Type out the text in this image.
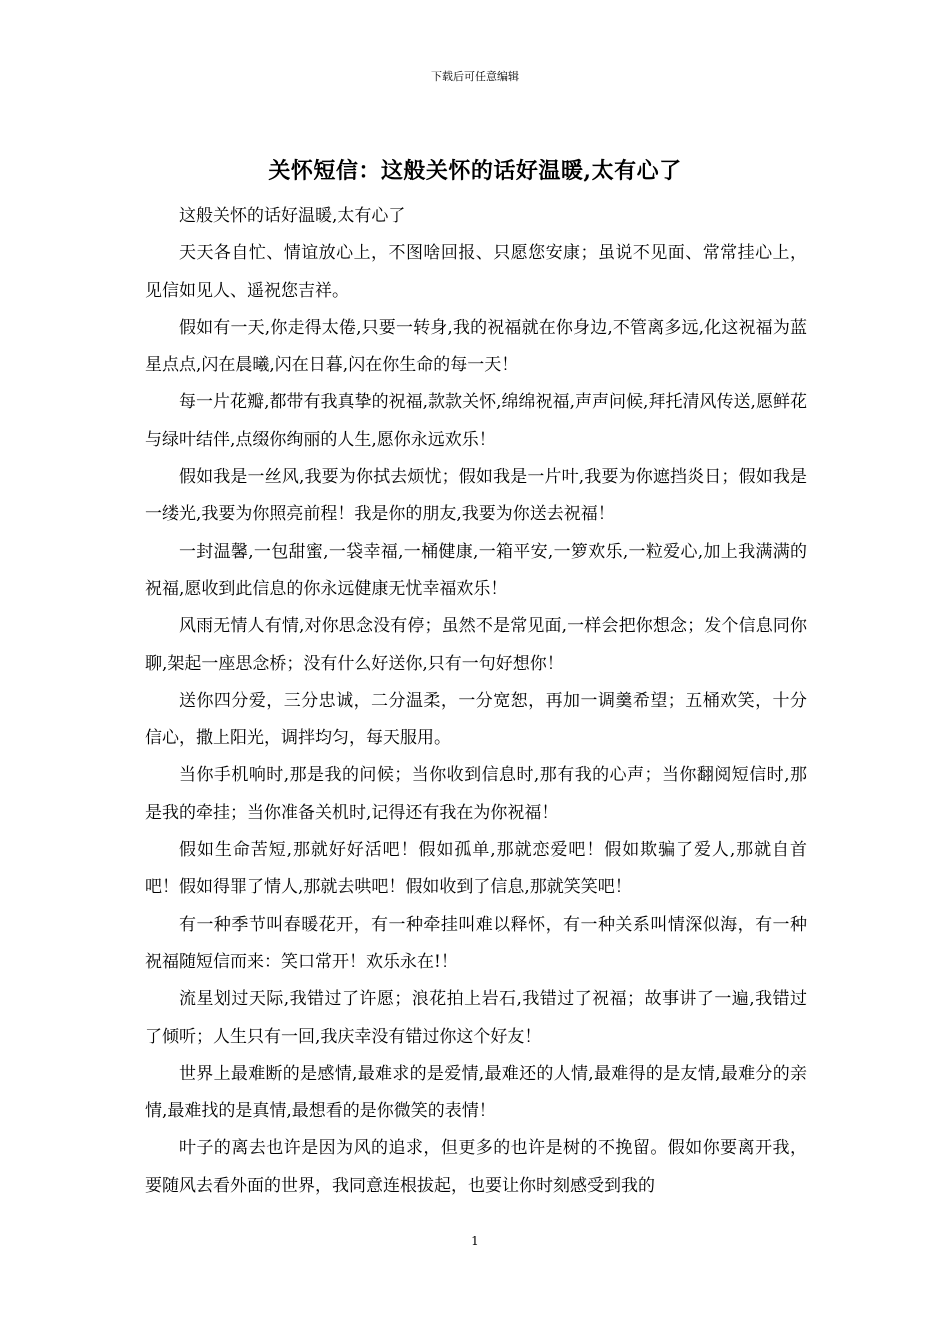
下载后可任意编辑
关怀短信：这般关怀的话好温暖,太有心了

这般关怀的话好温暖,太有心了

天天各自忙、情谊放心上，不图啥回报、只愿您安康；虽说不见面、常常挂心上，见信如见人、遥祝您吉祥。

假如有一天,你走得太倦,只要一转身,我的祝福就在你身边,不管离多远,化这祝福为蓝星点点,闪在晨曦,闪在日暮,闪在你生命的每一天！

每一片花瓣,都带有我真挚的祝福,款款关怀,绵绵祝福,声声问候,拜托清风传送,愿鲜花与绿叶结伴,点缀你绚丽的人生,愿你永远欢乐！

假如我是一丝风,我要为你拭去烦忧；假如我是一片叶,我要为你遮挡炎日；假如我是一缕光,我要为你照亮前程！我是你的朋友,我要为你送去祝福！

一封温馨,一包甜蜜,一袋幸福,一桶健康,一箱平安,一箩欢乐,一粒爱心,加上我满满的祝福,愿收到此信息的你永远健康无忧幸福欢乐！

风雨无情人有情,对你思念没有停；虽然不是常见面,一样会把你想念；发个信息同你聊,架起一座思念桥；没有什么好送你,只有一句好想你！

送你四分爱，三分忠诚，二分温柔，一分宽恕，再加一调羹希望；五桶欢笑，十分信心，撒上阳光，调拌均匀，每天服用。

当你手机响时,那是我的问候；当你收到信息时,那有我的心声；当你翻阅短信时,那是我的牵挂；当你准备关机时,记得还有我在为你祝福！

假如生命苦短,那就好好活吧！假如孤单,那就恋爱吧！假如欺骗了爱人,那就自首吧！假如得罪了情人,那就去哄吧！假如收到了信息,那就笑笑吧！

有一种季节叫春暖花开，有一种牵挂叫难以释怀，有一种关系叫情深似海，有一种祝福随短信而来：笑口常开！欢乐永在!！

流星划过天际,我错过了许愿；浪花拍上岩石,我错过了祝福；故事讲了一遍,我错过了倾听；人生只有一回,我庆幸没有错过你这个好友！

世界上最难断的是感情,最难求的是爱情,最难还的人情,最难得的是友情,最难分的亲情,最难找的是真情,最想看的是你微笑的表情！

叶子的离去也许是因为风的追求，但更多的也许是树的不挽留。假如你要离开我，要随风去看外面的世界，我同意连根拔起，也要让你时刻感受到我的

1
